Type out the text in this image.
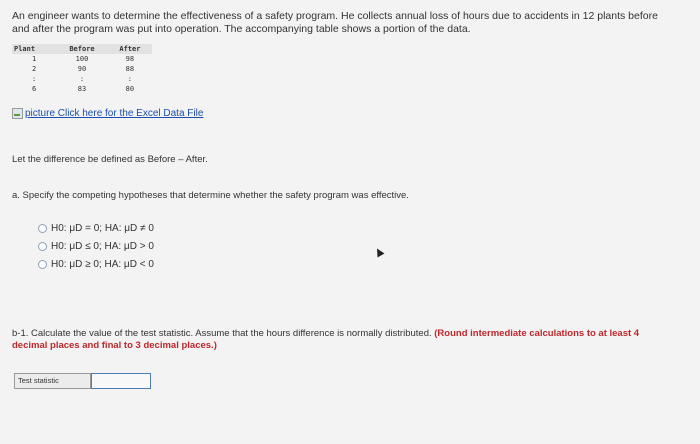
An engineer wants to determine the effectiveness of a safety program. He collects annual loss of hours due to accidents in 12 plants before and after the program was put into operation. The accompanying table shows a portion of the data.
Plant	Before	After
1	100	98
2	90	88
:	:	:
6	83	80
picture Click here for the Excel Data File
Let the difference be defined as Before – After.
a. Specify the competing hypotheses that determine whether the safety program was effective.
H0: μD = 0; HA: μD ≠ 0
H0: μD ≤ 0; HA: μD > 0
H0: μD ≥ 0; HA: μD < 0
b-1. Calculate the value of the test statistic. Assume that the hours difference is normally distributed. (Round intermediate calculations to at least 4 decimal places and final to 3 decimal places.)
Test statistic
